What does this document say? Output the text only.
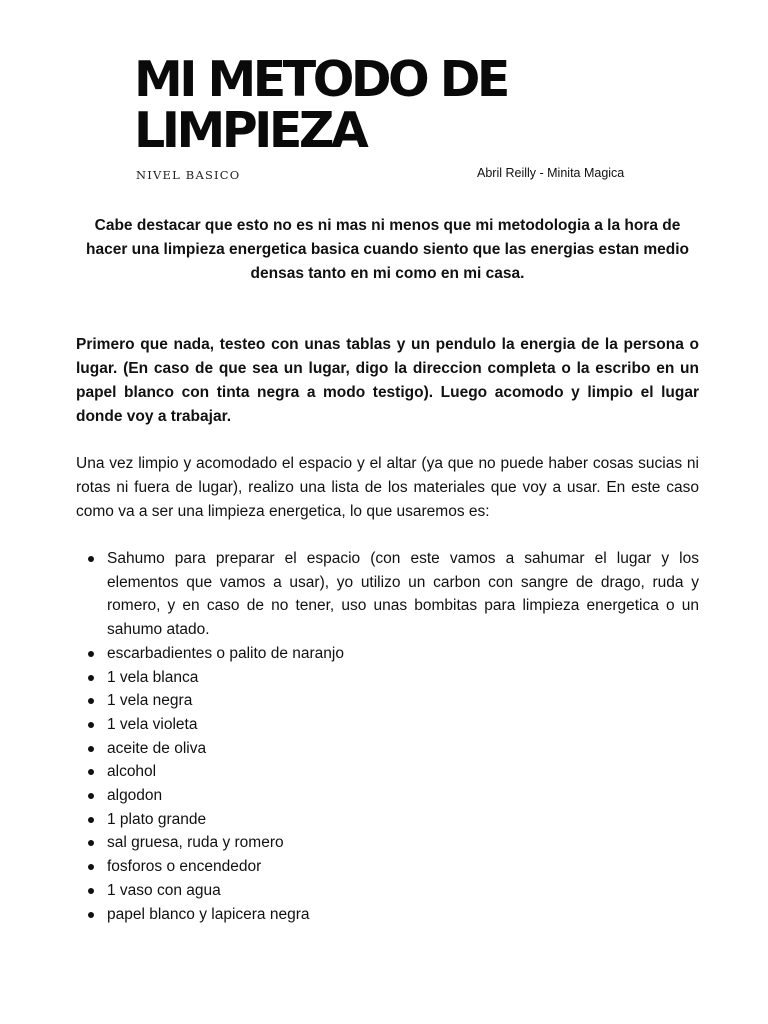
MI METODO DE
LIMPIEZA
NIVEL BASICO	Abril Reilly - Minita Magica

Cabe destacar que esto no es ni mas ni menos que mi metodologia a la hora de hacer una limpieza energetica basica cuando siento que las energias estan medio densas tanto en mi como en mi casa.

Primero que nada, testeo con unas tablas y un pendulo la energia de la persona o lugar. (En caso de que sea un lugar, digo la direccion completa o la escribo en un papel blanco con tinta negra a modo testigo). Luego acomodo y limpio el lugar donde voy a trabajar.

Una vez limpio y acomodado el espacio y el altar (ya que no puede haber cosas sucias ni rotas ni fuera de lugar), realizo una lista de los materiales que voy a usar. En este caso como va a ser una limpieza energetica, lo que usaremos es:

Sahumo para preparar el espacio (con este vamos a sahumar el lugar y los elementos que vamos a usar), yo utilizo un carbon con sangre de drago, ruda y romero, y en caso de no tener, uso unas bombitas para limpieza energetica o un sahumo atado.
escarbadientes o palito de naranjo
1 vela blanca
1 vela negra
1 vela violeta
aceite de oliva
alcohol
algodon
1 plato grande
sal gruesa, ruda y romero
fosforos o encendedor
1 vaso con agua
papel blanco y lapicera negra
